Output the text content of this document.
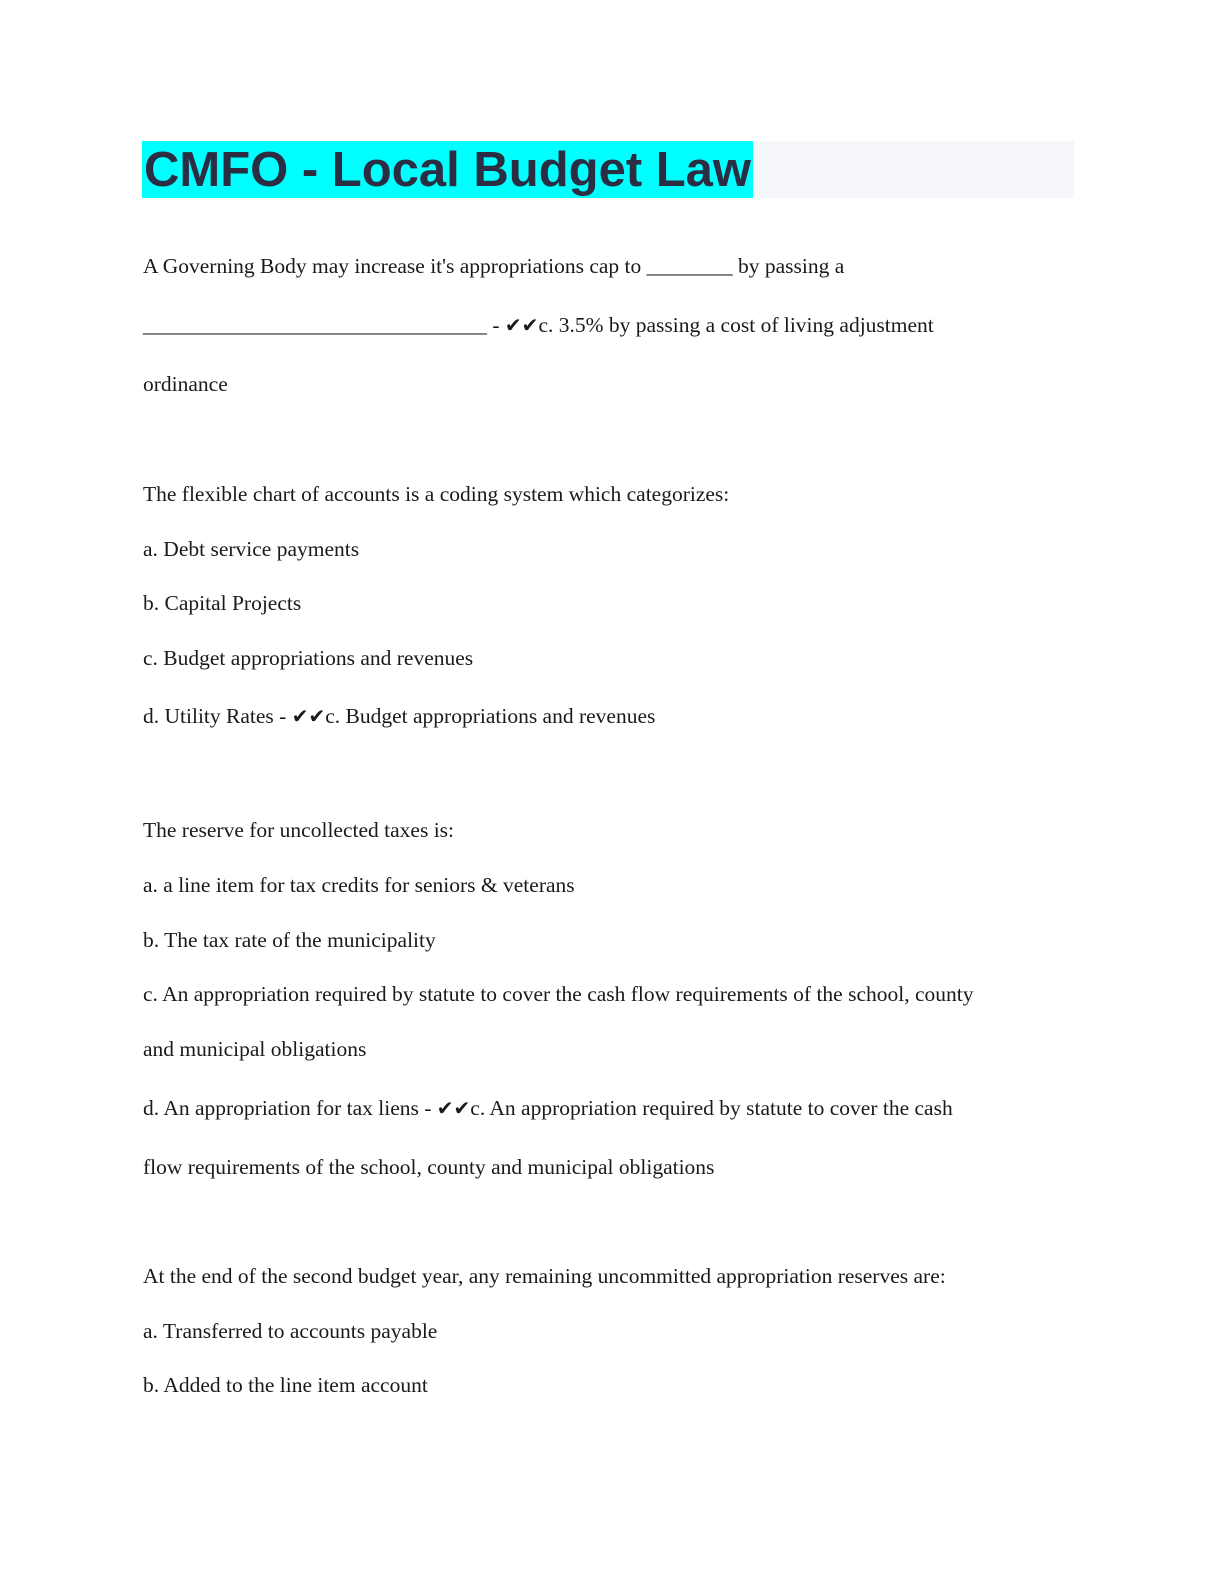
CMFO - Local Budget Law
A Governing Body may increase it's appropriations cap to ________ by passing a
________________________________ - ✔✔c. 3.5% by passing a cost of living adjustment
ordinance
The flexible chart of accounts is a coding system which categorizes:
a. Debt service payments
b. Capital Projects
c. Budget appropriations and revenues
d. Utility Rates - ✔✔c. Budget appropriations and revenues
The reserve for uncollected taxes is:
a. a line item for tax credits for seniors & veterans
b. The tax rate of the municipality
c. An appropriation required by statute to cover the cash flow requirements of the school, county
and municipal obligations
d. An appropriation for tax liens - ✔✔c. An appropriation required by statute to cover the cash
flow requirements of the school, county and municipal obligations
At the end of the second budget year, any remaining uncommitted appropriation reserves are:
a. Transferred to accounts payable
b. Added to the line item account
